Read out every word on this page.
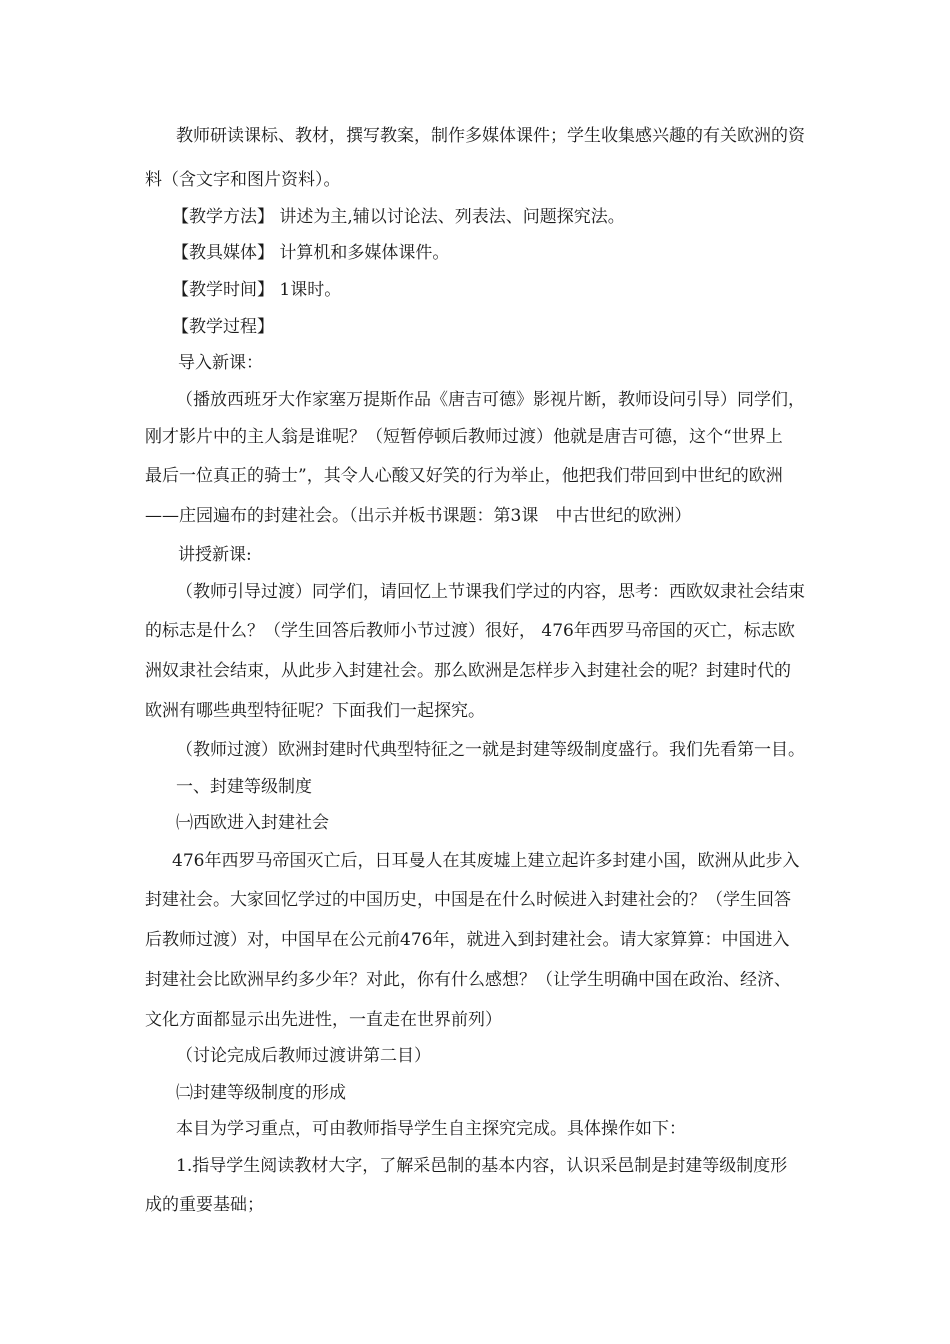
教师研读课标、教材，撰写教案，制作多媒体课件；学生收集感兴趣的有关欧洲的资
料（含文字和图片资料）。
【教学方法】 讲述为主,辅以讨论法、列表法、问题探究法。
【教具媒体】 计算机和多媒体课件。
【教学时间】 1课时。
【教学过程】
导入新课：
（播放西班牙大作家塞万提斯作品《唐吉可德》影视片断，教师设问引导）同学们，
刚才影片中的主人翁是谁呢？（短暂停顿后教师过渡）他就是唐吉可德，这个“世界上
最后一位真正的骑士”，其令人心酸又好笑的行为举止，他把我们带回到中世纪的欧洲
——庄园遍布的封建社会。（出示并板书课题：第3课　中古世纪的欧洲）
讲授新课:
（教师引导过渡）同学们，请回忆上节课我们学过的内容，思考：西欧奴隶社会结束
的标志是什么？（学生回答后教师小节过渡）很好， 476年西罗马帝国的灭亡，标志欧
洲奴隶社会结束，从此步入封建社会。那么欧洲是怎样步入封建社会的呢？封建时代的
欧洲有哪些典型特征呢？下面我们一起探究。
（教师过渡）欧洲封建时代典型特征之一就是封建等级制度盛行。我们先看第一目。
一、封建等级制度
㈠西欧进入封建社会
476年西罗马帝国灭亡后，日耳曼人在其废墟上建立起许多封建小国，欧洲从此步入
封建社会。大家回忆学过的中国历史，中国是在什么时候进入封建社会的？（学生回答
后教师过渡）对，中国早在公元前476年，就进入到封建社会。请大家算算：中国进入
封建社会比欧洲早约多少年？对此，你有什么感想？（让学生明确中国在政治、经济、
文化方面都显示出先进性，一直走在世界前列）
（讨论完成后教师过渡讲第二目）
㈡封建等级制度的形成
本目为学习重点，可由教师指导学生自主探究完成。具体操作如下：
1.指导学生阅读教材大字，了解采邑制的基本内容，认识采邑制是封建等级制度形
成的重要基础；
